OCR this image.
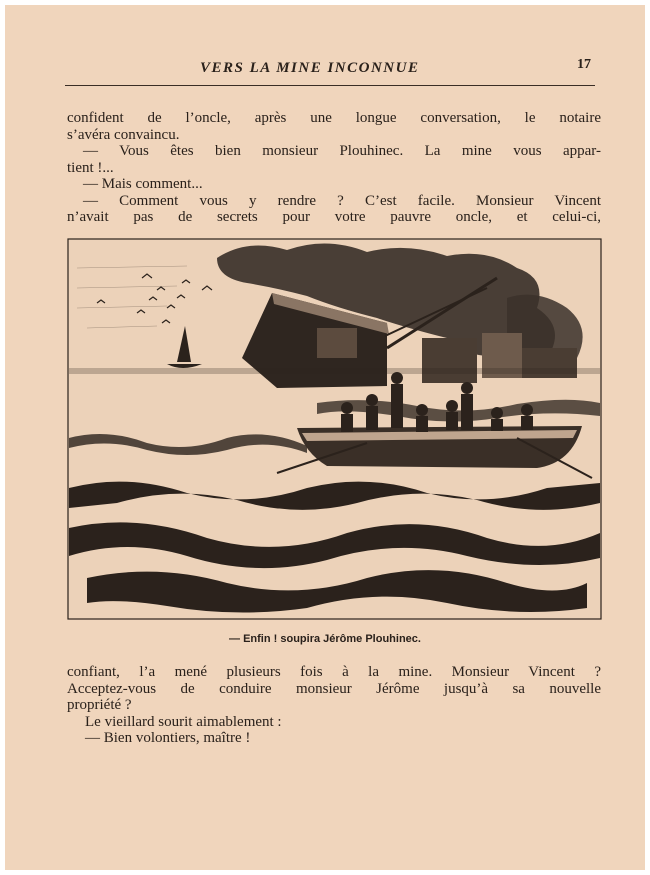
VERS LA MINE INCONNUE	17

confident de l’oncle, après une longue conversation, le notaire

s’avéra convaincu.

— Vous êtes bien monsieur Plouhinec. La mine vous appar-

tient !...

— Mais comment...

— Comment vous y rendre ? C’est facile. Monsieur Vincent

n’avait pas de secrets pour votre pauvre oncle, et celui-ci,

— Enfin ! soupira Jérôme Plouhinec.

confiant, l’a mené plusieurs fois à la mine. Monsieur Vincent ?

Acceptez-vous de conduire monsieur Jérôme jusqu’à sa nouvelle

propriété ?

Le vieillard sourit aimablement :

— Bien volontiers, maître !
